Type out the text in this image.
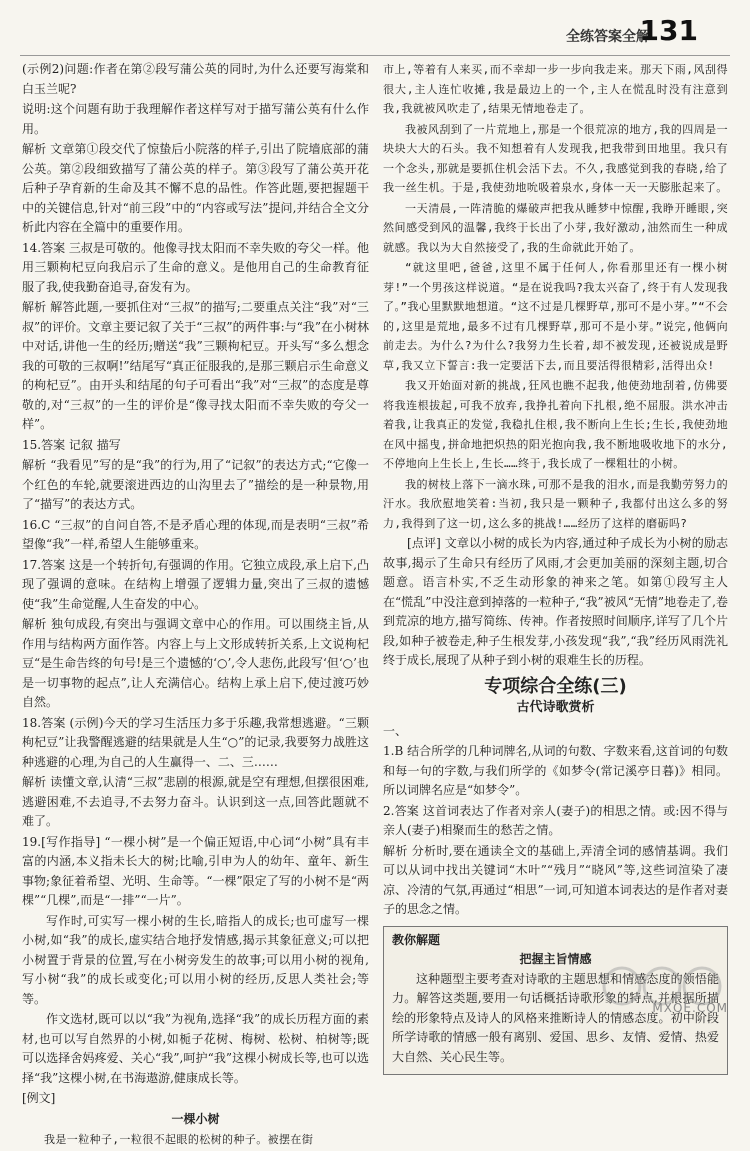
全练答案全解
131

(示例2)问题:作者在第②段写蒲公英的同时,为什么还要写海棠和白玉兰呢?

说明:这个问题有助于我理解作者这样写对于描写蒲公英有什么作用。

解析 文章第①段交代了惊蛰后小院落的样子,引出了院墙底部的蒲公英。第②段细致描写了蒲公英的样子。第③段写了蒲公英开花后种子孕育新的生命及其不懈不息的品性。作答此题,要把握题干中的关键信息,针对“前三段”中的“内容或写法”提问,并结合全文分析此内容在全篇中的重要作用。

14.答案 三叔是可敬的。他像寻找太阳而不幸失败的夸父一样。他用三颗枸杞豆向我启示了生命的意义。是他用自己的生命教育征服了我,使我勤奋追寻,奋发有为。

解析 解答此题,一要抓住对“三叔”的描写;二要重点关注“我”对“三叔”的评价。文章主要记叙了关于“三叔”的两件事:与“我”在小树林中对话,讲他一生的经历;赠送“我”三颗枸杞豆。开头写“多么想念我的可敬的三叔啊!”结尾写“真正征服我的,是那三颗启示生命意义的枸杞豆”。由开头和结尾的句子可看出“我”对“三叔”的态度是尊敬的,对“三叔”的一生的评价是“像寻找太阳而不幸失败的夸父一样”。

15.答案 记叙 描写

解析 “我看见”写的是“我”的行为,用了“记叙”的表达方式;“它像一个红色的车轮,就要滚进西边的山沟里去了”描绘的是一种景物,用了“描写”的表达方式。

16.C “三叔”的自问自答,不是矛盾心理的体现,而是表明“三叔”希望像“我”一样,希望人生能够重来。

17.答案 这是一个转折句,有强调的作用。它独立成段,承上启下,凸现了强调的意味。在结构上增强了逻辑力量,突出了三叔的遗憾使“我”生命觉醒,人生奋发的中心。

解析 独句成段,有突出与强调文章中心的作用。可以围绕主旨,从作用与结构两方面作答。内容上与上文形成转折关系,上文说枸杞豆“是生命告终的句号!是三个遗憾的‘○’,令人悲伤,此段写‘但‘○’也是一切事物的起点”,让人充满信心。结构上承上启下,使过渡巧妙自然。

18.答案 (示例)今天的学习生活压力多于乐趣,我常想逃避。“三颗枸杞豆”让我警醒逃避的结果就是人生“○”的记录,我要努力战胜这种逃避的心理,为自己的人生赢得一、二、三……

解析 读懂文章,认清“三叔”悲剧的根源,就是空有理想,但摆很困难,逃避困难,不去追寻,不去努力奋斗。认识到这一点,回答此题就不难了。

19.[写作指导] “一棵小树”是一个偏正短语,中心词“小树”具有丰富的内涵,本义指未长大的树;比喻,引申为人的幼年、童年、新生事物;象征着希望、光明、生命等。“一棵”限定了写的小树不是“两棵”“几棵”,而是“一排”“一片”。

写作时,可实写一棵小树的生长,暗指人的成长;也可虚写一棵小树,如“我”的成长,虚实结合地抒发情感,揭示其象征意义;可以把小树置于背景的位置,写在小树旁发生的故事;可以用小树的视角,写小树“我”的成长或变化;可以用小树的经历,反思人类社会;等等。

作文选材,既可以以“我”为视角,选择“我”的成长历程方面的素材,也可以写自然界的小树,如栀子花树、梅树、松树、柏树等;既可以选择舍妈疼爱、关心“我”,呵护“我”这棵小树成长等,也可以选择“我”这棵小树,在书海遨游,健康成长等。

[例文]

一棵小树

我是一粒种子,一粒很不起眼的松树的种子。被摆在街

市上,等着有人来买,而不幸却一步一步向我走来。那天下雨,风刮得很大,主人连忙收摊,我是最边上的一个,主人在慌乱时没有注意到我,我就被风吹走了,结果无情地卷走了。

我被风刮到了一片荒地上,那是一个很荒凉的地方,我的四周是一块块大大的石头。我不知想着有人发现我,把我带到田地里。我只有一个念头,那就是要抓住机会活下去。不久,我感觉到我的春晓,给了我一丝生机。于是,我使劲地吮吸着泉水,身体一天一天膨胀起来了。

一天清晨,一阵清脆的爆破声把我从睡梦中惊醒,我睁开睡眼,突然间感受到风的温馨,我终于长出了小芽,我好激动,油然而生一种成就感。我以为大自然接受了,我的生命就此开始了。

“就这里吧,爸爸,这里不属于任何人,你看那里还有一棵小树芽!”一个男孩这样说道。“是在说我吗?我太兴奋了,终于有人发现我了。”我心里默默地想道。“这不过是几棵野草,那可不是小芽。”“不会的,这里是荒地,最多不过有几棵野草,那可不是小芽。”说完,他俩向前走去。为什么?为什么?我努力生长着,却不被发现,还被说成是野草,我又立下誓言:我一定要活下去,而且要活得很精彩,活得出众!

我又开始面对新的挑战,狂风也瞧不起我,他使劲地刮着,仿佛要将我连根拔起,可我不放弃,我挣扎着向下扎根,绝不屈服。洪水冲击着我,让我真正的发觉,我稳扎住根,我不断向上生长;生长,我使劲地在风中摇曳,拼命地把炽热的阳光抱向我,我不断地吸收地下的水分,不停地向上生长上,生长……终于,我长成了一棵粗壮的小树。

我的树枝上落下一滴水珠,可那不是我的泪水,而是我勤劳努力的汗水。我欣慰地笑着:当初,我只是一颗种子,我都付出这么多的努力,我得到了这一切,这么多的挑战!……经历了这样的磨砺吗?

[点评] 文章以小树的成长为内容,通过种子成长为小树的励志故事,揭示了生命只有经历了风雨,才会更加美丽的深刻主题,切合题意。语言朴实,不乏生动形象的神来之笔。如第①段写主人在“慌乱”中没注意到掉落的一粒种子,“我”被风“无情”地卷走了,卷到荒凉的地方,描写简练、传神。作者按照时间顺序,详写了几个片段,如种子被卷走,种子生根发芽,小孩发现“我”,“我”经历风雨洗礼终于成长,展现了从种子到小树的艰难生长的历程。

专项综合全练(三)
古代诗歌赏析

一、

1.B 结合所学的几种词牌名,从词的句数、字数来看,这首词的句数和每一句的字数,与我们所学的《如梦令(常记溪亭日暮)》相同。所以词牌名应是“如梦令”。

2.答案 这首词表达了作者对亲人(妻子)的相思之情。或:因不得与亲人(妻子)相聚而生的愁苦之情。

解析 分析时,要在通读全文的基础上,弄清全词的感情基调。我们可以从词中找出关键词“木叶”“残月”“晓风”等,这些词渲染了凄凉、冷清的气氛,再通过“相思”一词,可知道本词表达的是作者对妻子的思念之情。

教你解题
把握主旨情感

这种题型主要考查对诗歌的主题思想和情感态度的领悟能力。解答这类题,要用一句话概括诗歌形象的特点,并根据所描绘的形象特点及诗人的风格来推断诗人的情感态度。初中阶段所学诗歌的情感一般有离别、爱国、思乡、友情、爱情、热爱大自然、关心民生等。

MXQE.COM
